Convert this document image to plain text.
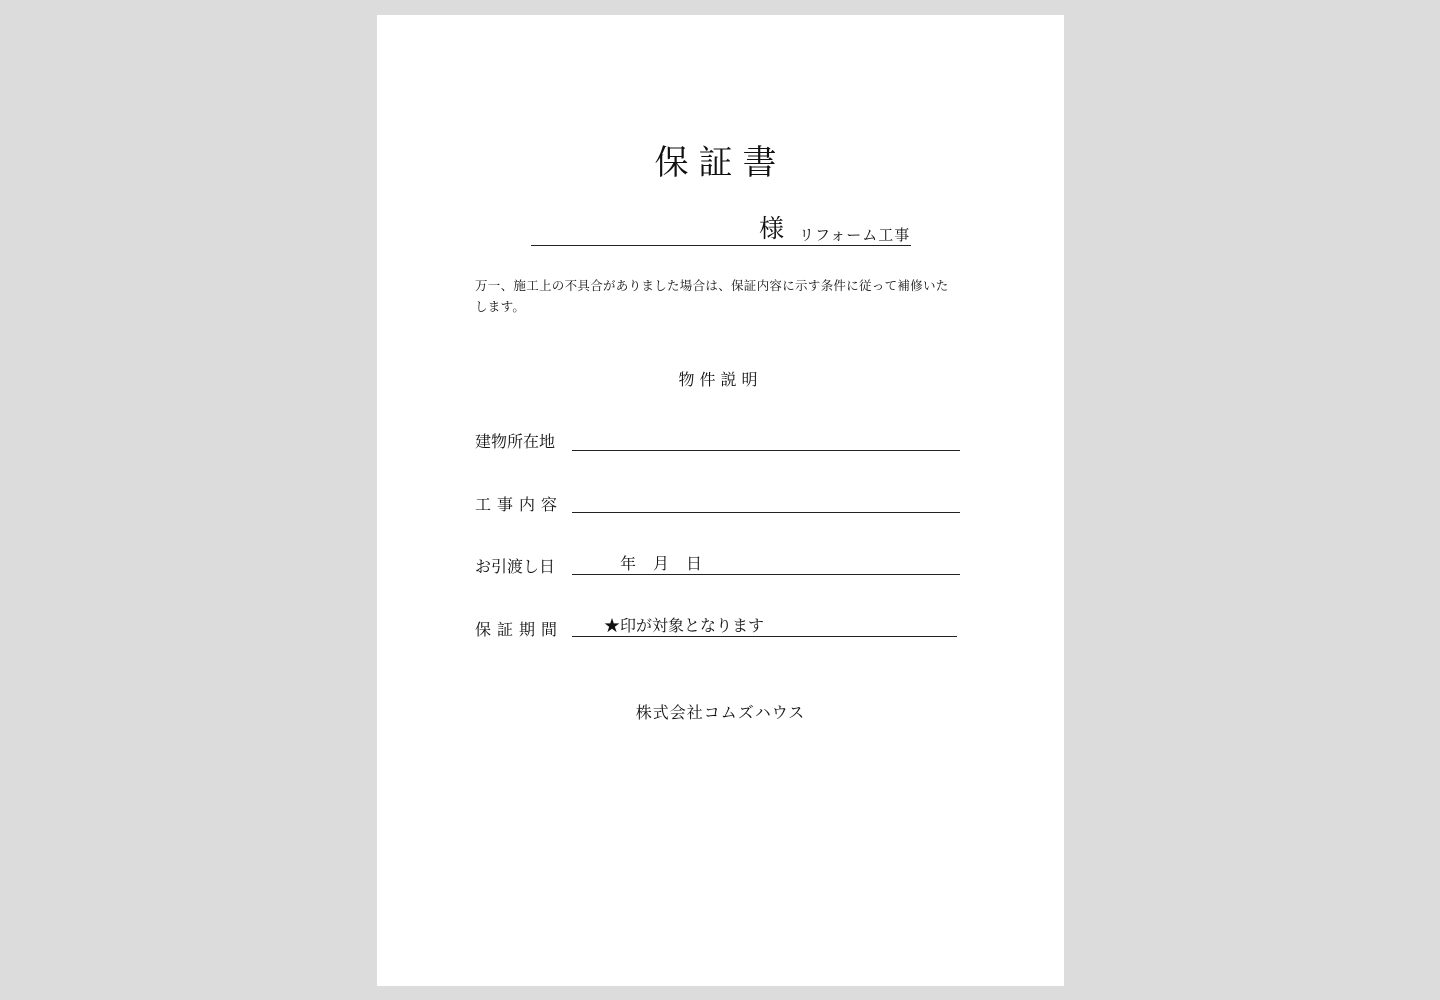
保証書
様 リフォーム工事
万一、施工上の不具合がありました場合は、保証内容に示す条件に従って補修いたします。
物件説明
建物所在地
工事内容
お引渡し日	年 月 日
保証期間	★印が対象となります
株式会社コムズハウス
